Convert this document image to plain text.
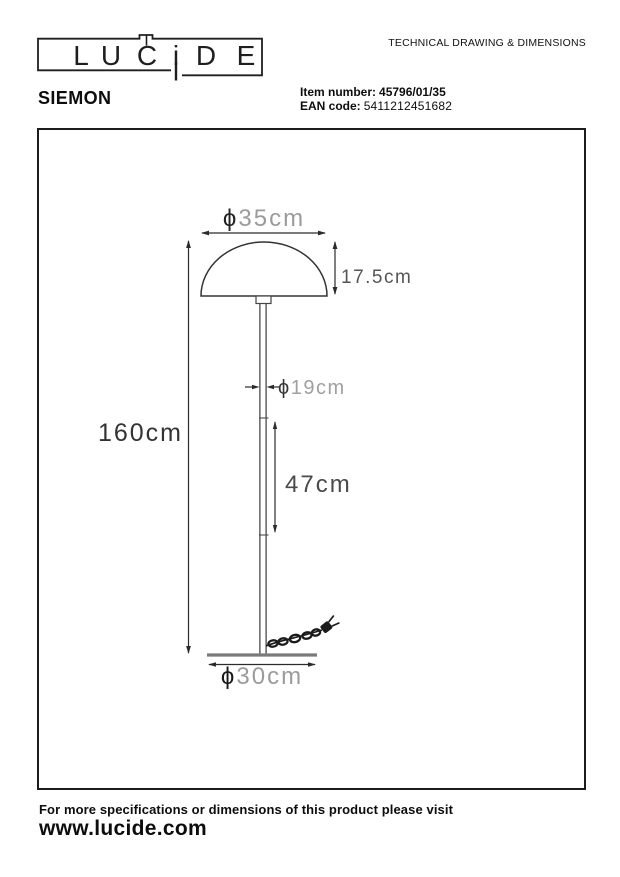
L U C i D E	TECHNICAL DRAWING & DIMENSIONS
SIEMON	Item number: 45796/01/35
EAN code: 5411212451682
ϕ35cm
17.5cm
160cm
ϕ19cm
47cm
ϕ30cm
For more specifications or dimensions of this product please visit
www.lucide.com
